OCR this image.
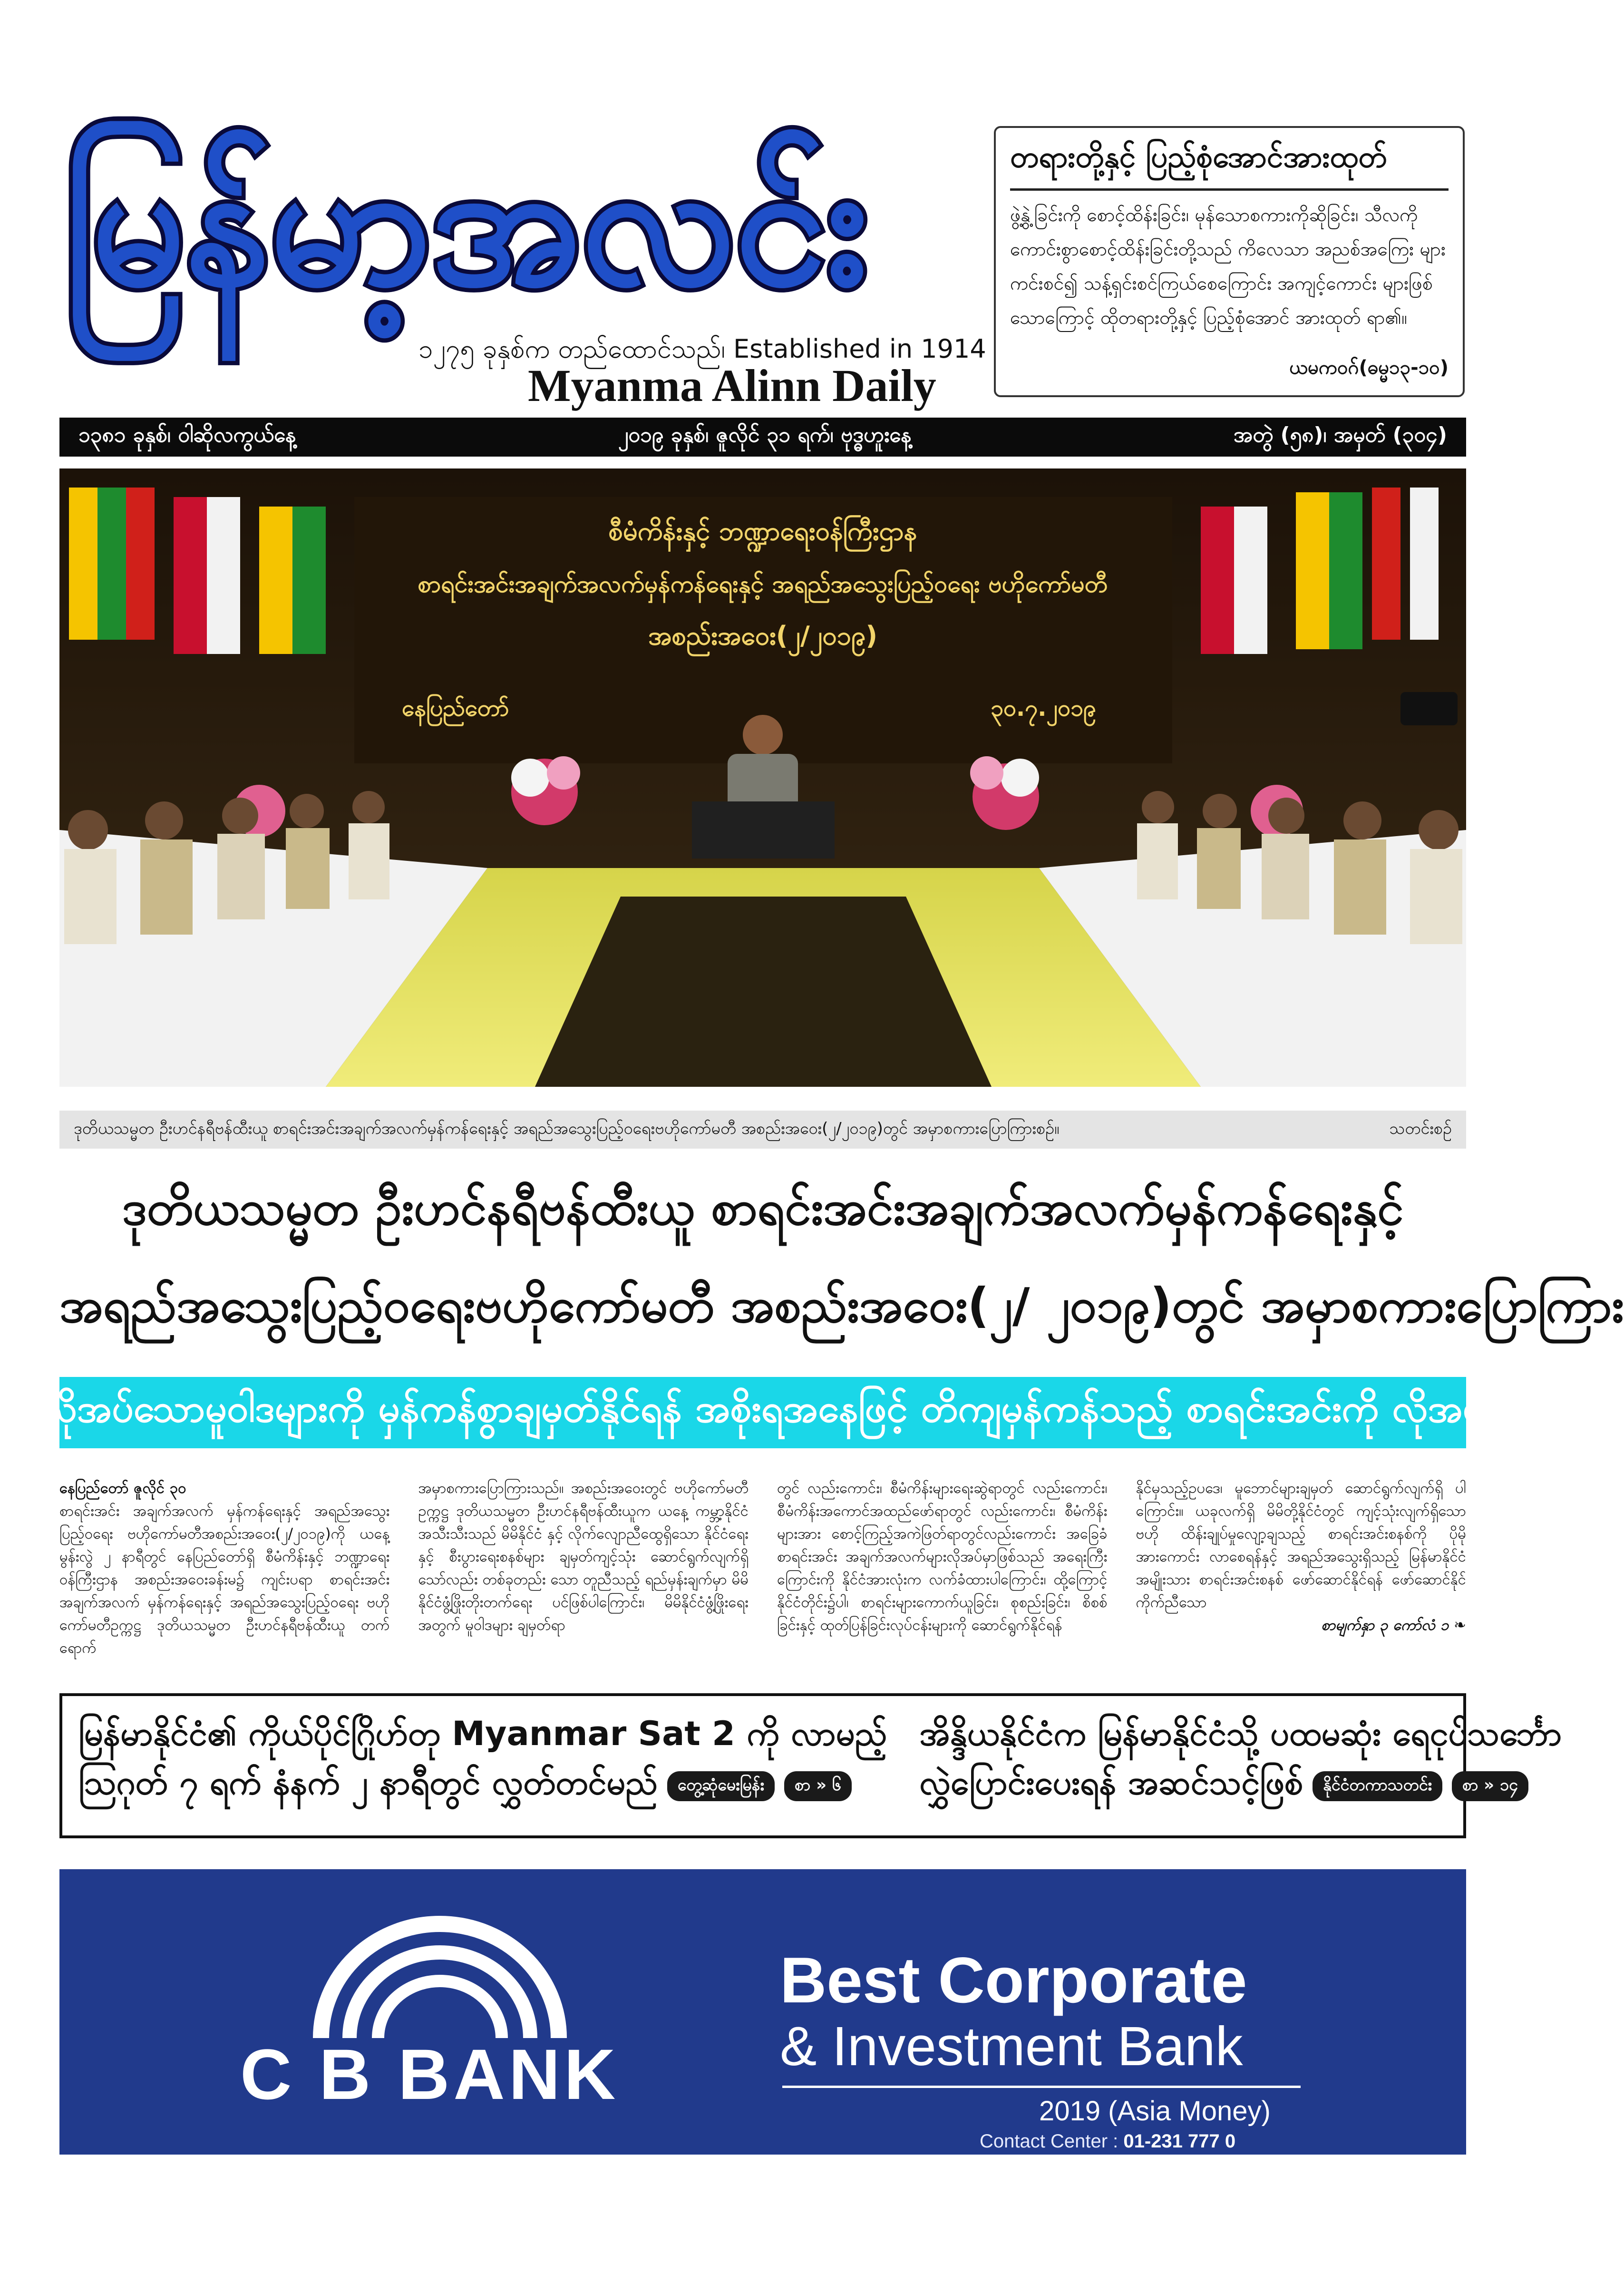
မြန်မာ့အလင်း
၁၂၇၅ ခုနှစ်က တည်ထောင်သည်၊ Established in 1914
Myanma Alinn Daily
တရားတို့နှင့် ပြည့်စုံအောင်အားထုတ်
ဖွဲ့နွဲ့ခြင်းကို စောင့်ထိန်းခြင်း၊ မုန်သောစကားကိုဆိုခြင်း၊ သီလကို ကောင်းစွာစောင့်ထိန်းခြင်းတို့သည် ကိလေသာ အညစ်အကြေး များ ကင်းစင်၍ သန့်ရှင်းစင်ကြယ်စေကြောင်း အကျင့်ကောင်း များဖြစ်သောကြောင့် ထိုတရားတို့နှင့် ပြည့်စုံအောင် အားထုတ် ရာ၏။
ယမကဝဂ်(ဓမ္မ၁၃-၁၀)
၁၃၈၁ ခုနှစ်၊ ဝါဆိုလကွယ်နေ့	၂၀၁၉ ခုနှစ်၊ ဇူလိုင် ၃၁ ရက်၊ ဗုဒ္ဓဟူးနေ့	အတွဲ (၅၈)၊ အမှတ် (၃၀၄)
စီမံကိန်းနှင့် ဘဏ္ဍာရေးဝန်ကြီးဌာန
စာရင်းအင်းအချက်အလက်မှန်ကန်ရေးနှင့် အရည်အသွေးပြည့်ဝရေး ဗဟိုကော်မတီ
အစည်းအဝေး(၂/၂၀၁၉)
နေပြည်တော်	၃၀.၇.၂၀၁၉
ဒုတိယသမ္မတ ဦးဟင်နရီဗန်ထီးယူ စာရင်းအင်းအချက်အလက်မှန်ကန်ရေးနှင့် အရည်အသွေးပြည့်ဝရေးဗဟိုကော်မတီ အစည်းအဝေး(၂/၂၀၁၉)တွင် အမှာစကားပြောကြားစဉ်။	သတင်းစဉ်
ဒုတိယသမ္မတ ဦးဟင်နရီဗန်ထီးယူ စာရင်းအင်းအချက်အလက်မှန်ကန်ရေးနှင့်
အရည်အသွေးပြည့်ဝရေးဗဟိုကော်မတီ အစည်းအဝေး(၂/ ၂၀၁၉)တွင် အမှာစကားပြောကြား
လိုအပ်သောမူဝါဒများကို မှန်ကန်စွာချမှတ်နိုင်ရန် အစိုးရအနေဖြင့် တိကျမှန်ကန်သည့် စာရင်းအင်းကို လိုအပ်
နေပြည်တော် ဇူလိုင် ၃၀
စာရင်းအင်း အချက်အလက် မှန်ကန်ရေးနှင့် အရည်အသွေး ပြည့်ဝရေး ဗဟိုကော်မတီအစည်းအဝေး(၂/၂၀၁၉)ကို ယနေ့ မွန်းလွဲ ၂ နာရီတွင် နေပြည်တော်ရှိ စီမံကိန်းနှင့် ဘဏ္ဍာရေး ဝန်ကြီးဌာန အစည်းအဝေးခန်းမ၌ ကျင်းပရာ စာရင်းအင်း အချက်အလက် မှန်ကန်ရေးနှင့် အရည်အသွေးပြည့်ဝရေး ဗဟို ကော်မတီဥက္ကဋ္ဌ ဒုတိယသမ္မတ ဦးဟင်နရီဗန်ထီးယူ တက်ရောက်
အမှာစကားပြောကြားသည်။ အစည်းအဝေးတွင် ဗဟိုကော်မတီဥက္ကဋ္ဌ ဒုတိယသမ္မတ ဦးဟင်နရီဗန်ထီးယူက ယနေ့ ကမ္ဘာ့နိုင်ငံအသီးသီးသည် မိမိနိုင်ငံ နှင့် လိုက်လျောညီထွေရှိသော နိုင်ငံရေးနှင့် စီးပွားရေးစနစ်များ ချမှတ်ကျင့်သုံး ဆောင်ရွက်လျက်ရှိသော်လည်း တစ်ခုတည်း သော တူညီသည့် ရည်မှန်းချက်မှာ မိမိနိုင်ငံဖွံ့ဖြိုးတိုးတက်ရေး ပင်ဖြစ်ပါကြောင်း၊ မိမိနိုင်ငံဖွံ့ဖြိုးရေးအတွက် မူဝါဒများ ချမှတ်ရာ
တွင် လည်းကောင်း၊ စီမံကိန်းများရေးဆွဲရာတွင် လည်းကောင်း၊ စီမံကိန်းအကောင်အထည်ဖော်ရာတွင် လည်းကောင်း၊ စီမံကိန်း များအား စောင့်ကြည့်အကဲဖြတ်ရာတွင်လည်းကောင်း အခြေခံ စာရင်းအင်း အချက်အလက်များလိုအပ်မှာဖြစ်သည် အရေးကြီး ကြောင်းကို နိုင်ငံအားလုံးက လက်ခံထားပါကြောင်း၊ ထို့ကြောင့် နိုင်ငံတိုင်း၌ပါ၊ စာရင်းများကောက်ယူခြင်း၊ စုစည်းခြင်း၊ စိစစ် ခြင်းနှင့် ထုတ်ပြန်ခြင်းလုပ်ငန်းများကို ဆောင်ရွက်နိုင်ရန်
နိုင်မှသည့်ဥပဒေ၊ မူဘောင်များချမှတ် ဆောင်ရွက်လျက်ရှိ ပါကြောင်း။ ယခုလက်ရှိ မိမိတို့နိုင်ငံတွင် ကျင့်သုံးလျက်ရှိသော ဗဟို ထိန်းချုပ်မှုလျော့ချသည့် စာရင်းအင်းစနစ်ကို ပိုမိုအားကောင်း လာစေရန်နှင့် အရည်အသွေးရှိသည့် မြန်မာနိုင်ငံအမျိုးသား စာရင်းအင်းစနစ် ဖော်ဆောင်နိုင်ရန် ဖော်ဆောင်နိုင်ကိုက်ညီသော
စာမျက်နှာ ၃ ကော်လံ ၁ ❧
မြန်မာနိုင်ငံ၏ ကိုယ်ပိုင်ဂြိုဟ်တု Myanmar Sat 2 ကို လာမည့်
ဩဂုတ် ၇ ရက် နံနက် ၂ နာရီတွင် လွှတ်တင်မည်	တွေ့ဆုံမေးမြန်း	စာ » ၆
အိန္ဒိယနိုင်ငံက မြန်မာနိုင်ငံသို့ ပထမဆုံး ရေငုပ်သင်္ဘော
လွှဲပြောင်းပေးရန် အဆင်သင့်ဖြစ်	နိုင်ငံတကာသတင်း	စာ » ၁၄
C B BANK
Best Corporate
& Investment Bank
2019 (Asia Money)
Contact Center : 01-231 777 0
